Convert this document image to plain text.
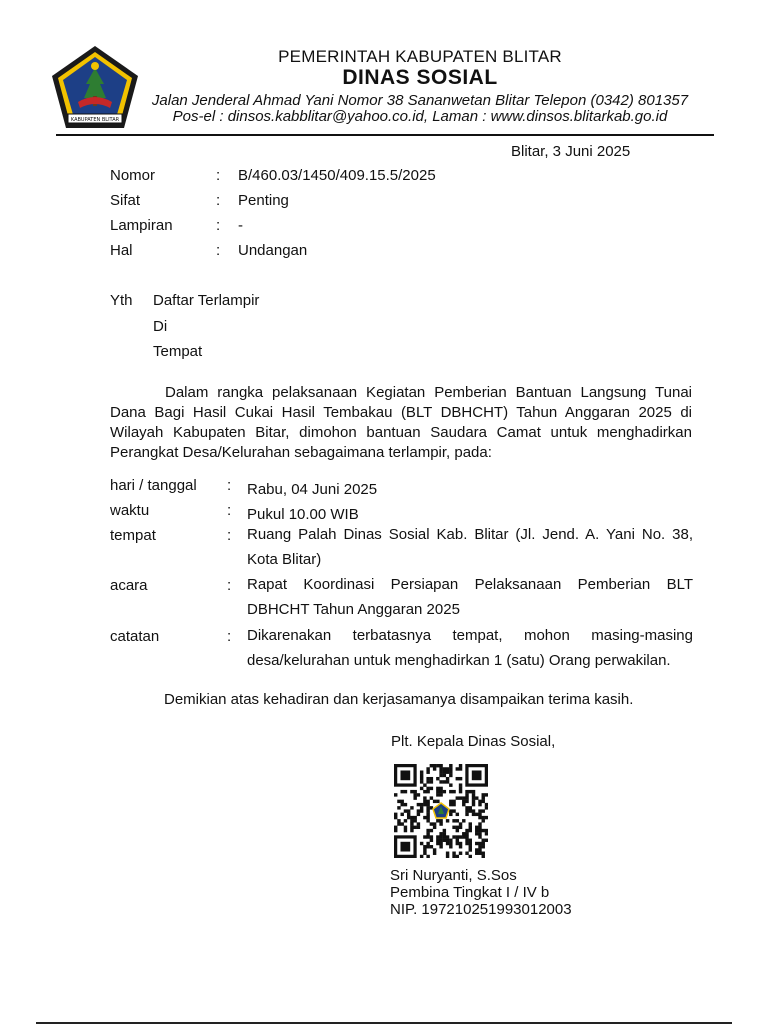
KABUPATEN BLITAR
PEMERINTAH KABUPATEN BLITAR
DINAS SOSIAL
Jalan Jenderal Ahmad Yani Nomor 38 Sananwetan Blitar Telepon (0342) 801357
Pos-el : dinsos.kabblitar@yahoo.co.id, Laman : www.dinsos.blitarkab.go.id
Blitar, 3 Juni 2025
Nomor	: B/460.03/1450/409.15.5/2025
Sifat	: Penting
Lampiran	: -
Hal	: Undangan
Yth Daftar Terlampir
Di
Tempat
Dalam rangka pelaksanaan Kegiatan Pemberian Bantuan Langsung Tunai Dana Bagi Hasil Cukai Hasil Tembakau (BLT DBHCHT) Tahun Anggaran 2025 di Wilayah Kabupaten Bitar, dimohon bantuan Saudara Camat untuk menghadirkan Perangkat Desa/Kelurahan sebagaimana terlampir, pada:
hari / tanggal : Rabu, 04 Juni 2025
waktu	: Pukul 10.00 WIB
tempat	: Ruang Palah Dinas Sosial Kab. Blitar (Jl. Jend. A. Yani No. 38, Kota Blitar)
acara	: Rapat Koordinasi Persiapan Pelaksanaan Pemberian BLT DBHCHT Tahun Anggaran 2025
catatan	: Dikarenakan terbatasnya tempat, mohon masing-masing desa/kelurahan untuk menghadirkan 1 (satu) Orang perwakilan.
Demikian atas kehadiran dan kerjasamanya disampaikan terima kasih.
Plt. Kepala Dinas Sosial,
Sri Nuryanti, S.Sos
Pembina Tingkat I / IV b
NIP. 197210251993012003
